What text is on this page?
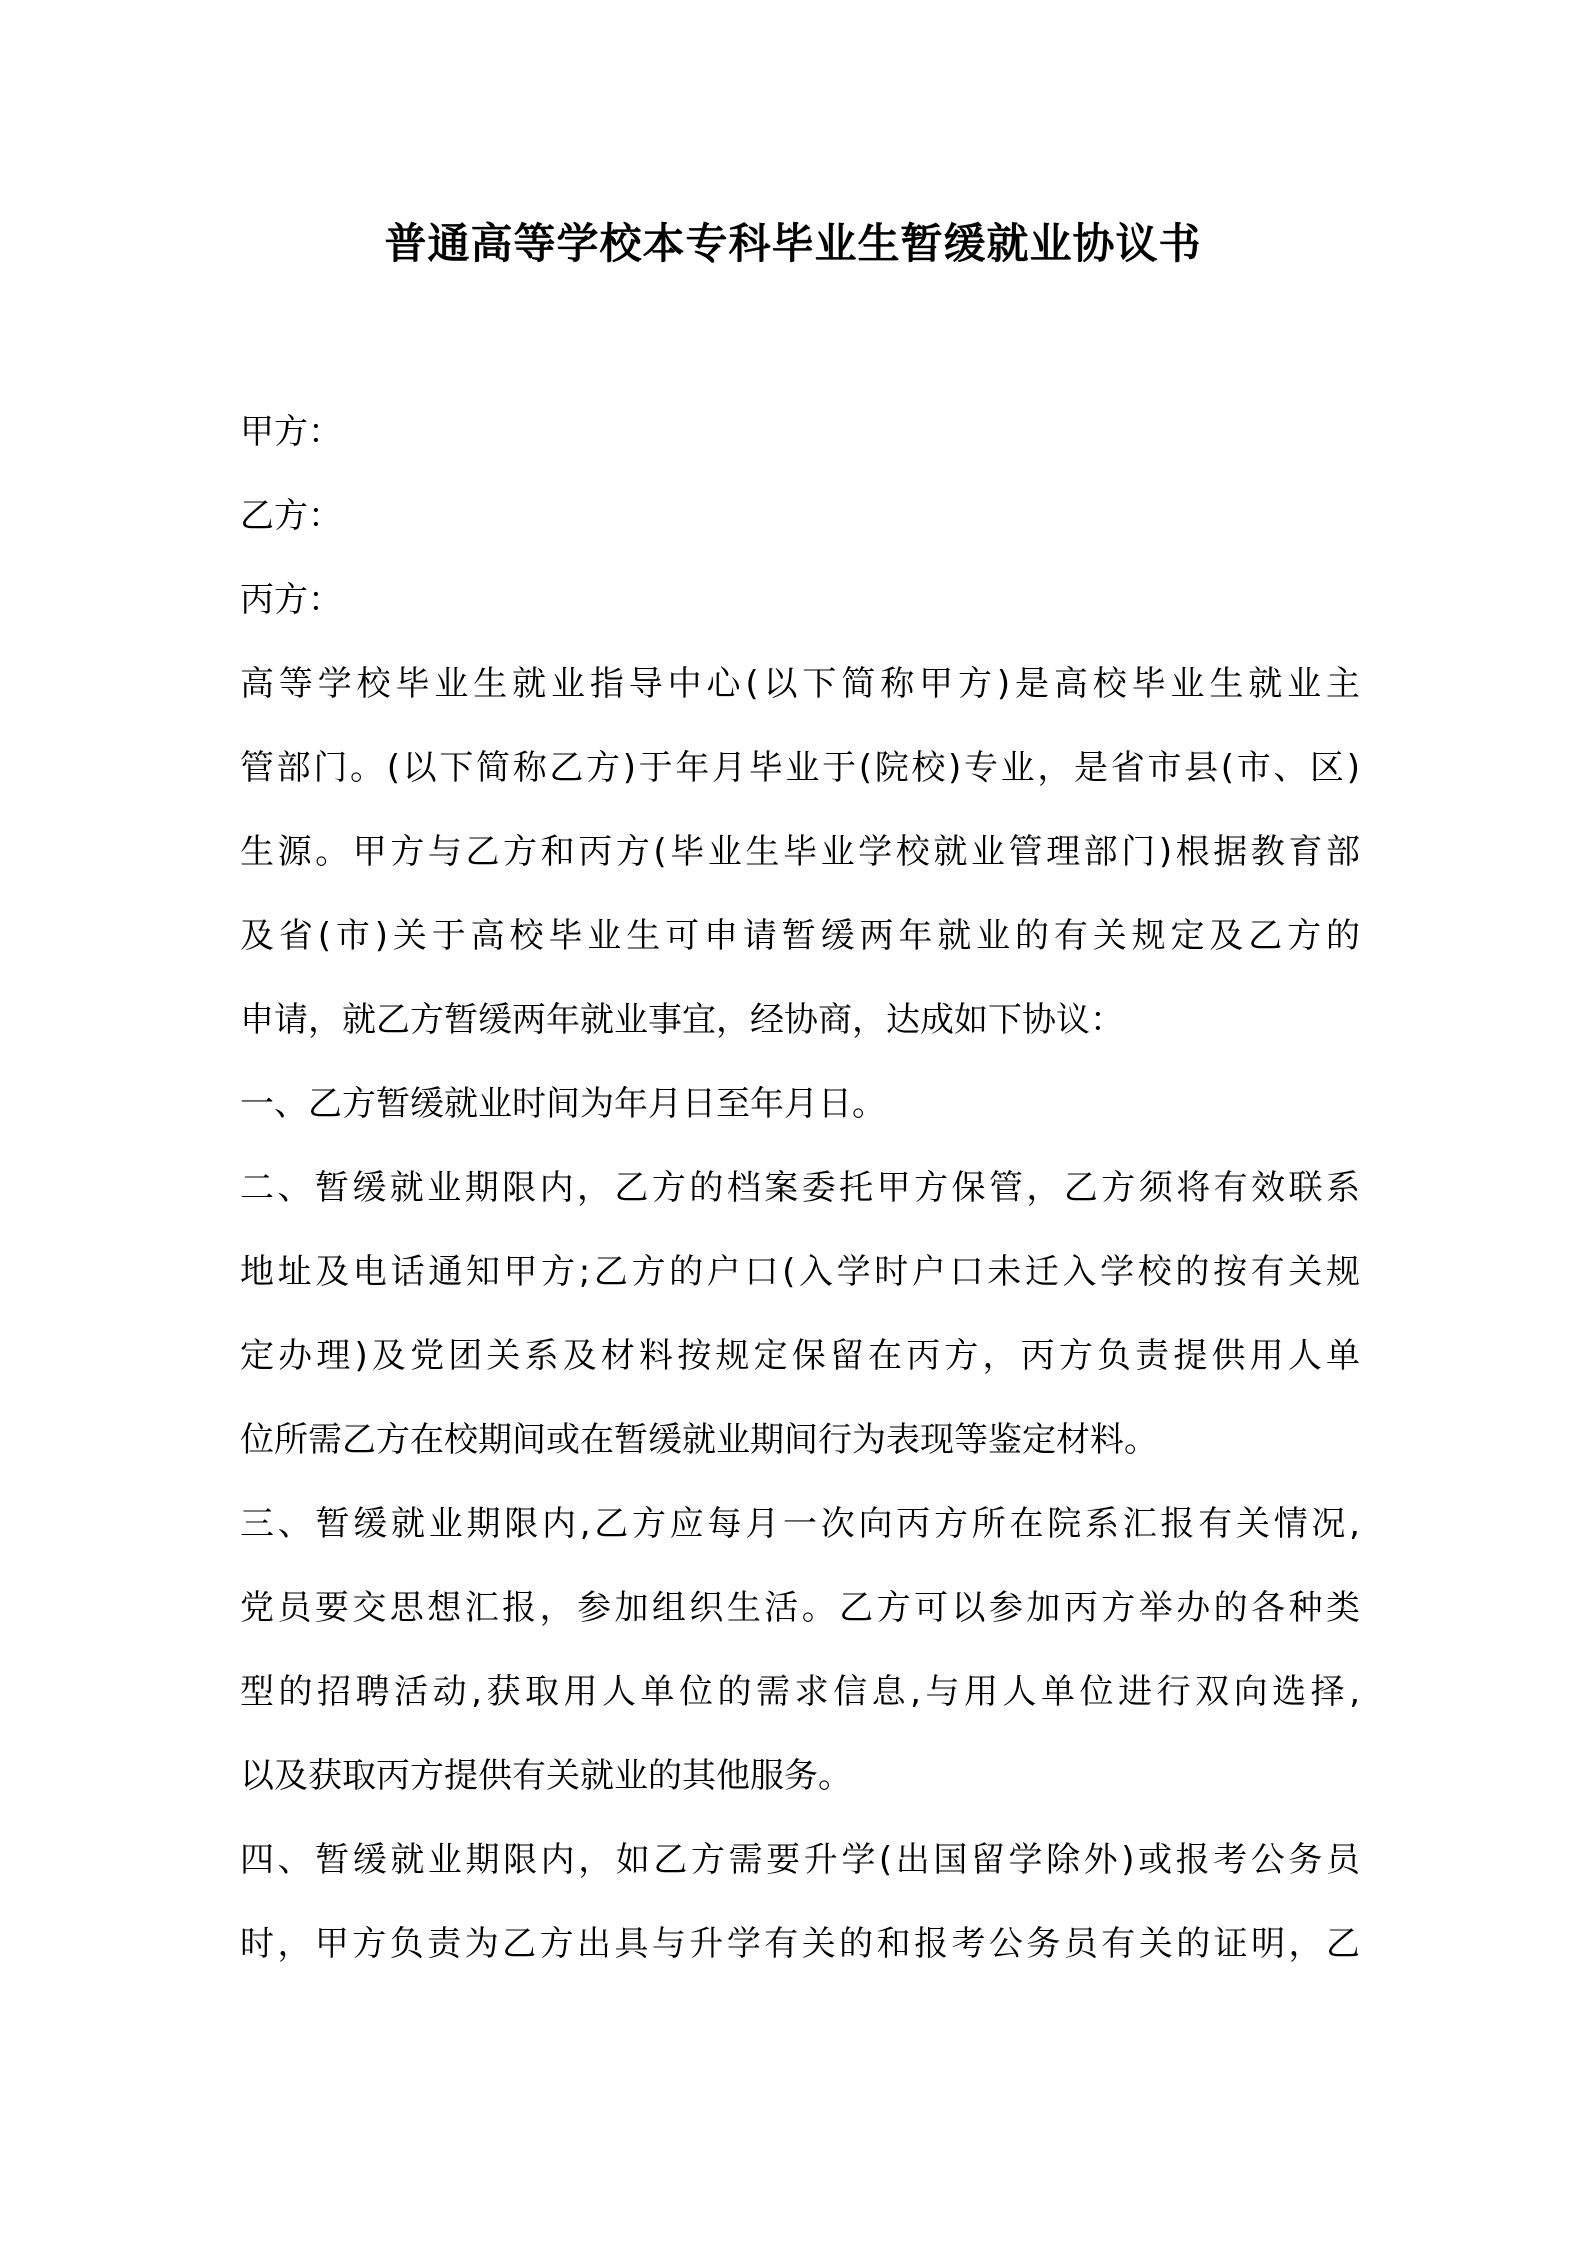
普通高等学校本专科毕业生暂缓就业协议书
甲方：
乙方：
丙方：
高等学校毕业生就业指导中心(以下简称甲方)是高校毕业生就业主
管部门。(以下简称乙方)于年月毕业于(院校)专业，是省市县(市、区)
生源。甲方与乙方和丙方(毕业生毕业学校就业管理部门)根据教育部
及省(市)关于高校毕业生可申请暂缓两年就业的有关规定及乙方的
申请，就乙方暂缓两年就业事宜，经协商，达成如下协议：
一、乙方暂缓就业时间为年月日至年月日。
二、暂缓就业期限内，乙方的档案委托甲方保管，乙方须将有效联系
地址及电话通知甲方;乙方的户口(入学时户口未迁入学校的按有关规
定办理)及党团关系及材料按规定保留在丙方，丙方负责提供用人单
位所需乙方在校期间或在暂缓就业期间行为表现等鉴定材料。
三、暂缓就业期限内,乙方应每月一次向丙方所在院系汇报有关情况,
党员要交思想汇报，参加组织生活。乙方可以参加丙方举办的各种类
型的招聘活动,获取用人单位的需求信息,与用人单位进行双向选择,
以及获取丙方提供有关就业的其他服务。
四、暂缓就业期限内，如乙方需要升学(出国留学除外)或报考公务员
时，甲方负责为乙方出具与升学有关的和报考公务员有关的证明，乙
